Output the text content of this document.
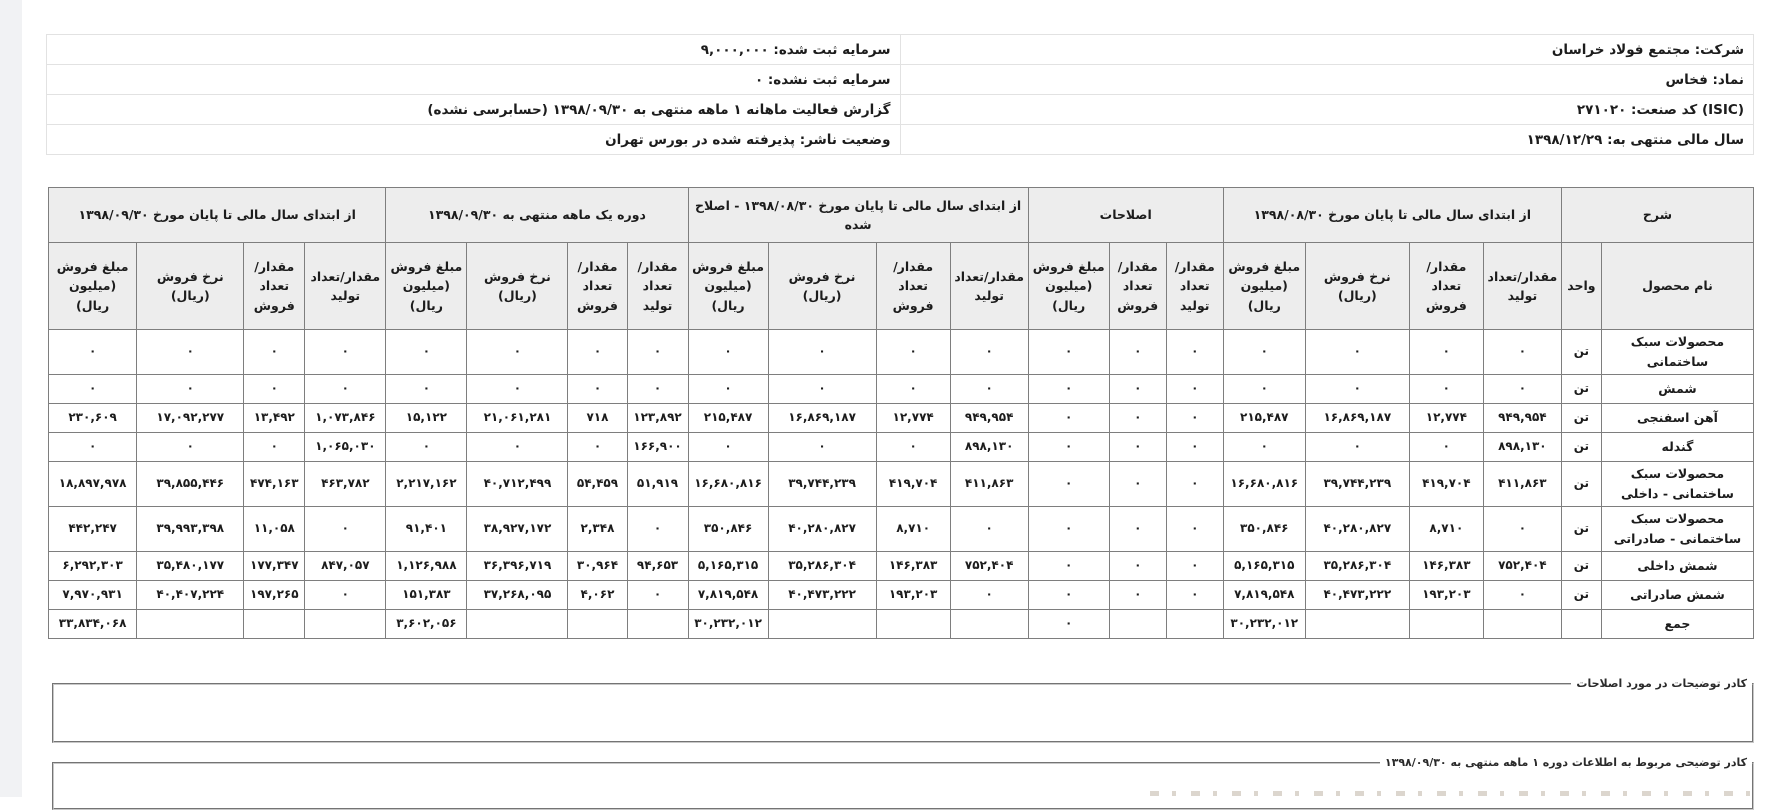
شرکت: مجتمع فولاد خراسان	سرمایه ثبت شده: ۹,۰۰۰,۰۰۰
نماد: فخاس	سرمایه ثبت نشده: ۰
(ISIC) کد صنعت: ۲۷۱۰۲۰	گزارش فعالیت ماهانه ۱ ماهه منتهی به ۱۳۹۸/۰۹/۳۰ (حسابرسی نشده)
سال مالی منتهی به: ۱۳۹۸/۱۲/۲۹	وضعیت ناشر: پذیرفته شده در بورس تهران
شرح		از ابتدای سال مالی تا پایان مورخ ۱۳۹۸/۰۸/۳۰				اصلاحات			از ابتدای سال مالی تا پایان مورخ ۱۳۹۸/۰۸/۳۰ - اصلاح شده				دوره یک ماهه منتهی به ۱۳۹۸/۰۹/۳۰				از ابتدای سال مالی تا پایان مورخ ۱۳۹۸/۰۹/۳۰			
نام محصول	واحد	مقدار/تعداد تولید	مقدار/تعداد فروش	نرخ فروش (ریال)	مبلغ فروش (میلیون ریال)	مقدار/تعداد تولید	مقدار/تعداد فروش	مبلغ فروش (میلیون ریال)	مقدار/تعداد تولید	مقدار/تعداد فروش	نرخ فروش (ریال)	مبلغ فروش (میلیون ریال)	مقدار/تعداد تولید	مقدار/تعداد فروش	نرخ فروش (ریال)	مبلغ فروش (میلیون ریال)	مقدار/تعداد تولید	مقدار/تعداد فروش	نرخ فروش (ریال)	مبلغ فروش (میلیون ریال)
محصولات سبک ساختمانی	تن	۰	۰	۰	۰	۰	۰	۰	۰	۰	۰	۰	۰	۰	۰	۰	۰	۰	۰	۰
شمش	تن	۰	۰	۰	۰	۰	۰	۰	۰	۰	۰	۰	۰	۰	۰	۰	۰	۰	۰	۰
آهن اسفنجی	تن	۹۴۹,۹۵۴	۱۲,۷۷۴	۱۶,۸۶۹,۱۸۷	۲۱۵,۴۸۷	۰	۰	۰	۹۴۹,۹۵۴	۱۲,۷۷۴	۱۶,۸۶۹,۱۸۷	۲۱۵,۴۸۷	۱۲۳,۸۹۲	۷۱۸	۲۱,۰۶۱,۲۸۱	۱۵,۱۲۲	۱,۰۷۳,۸۴۶	۱۳,۴۹۲	۱۷,۰۹۲,۲۷۷	۲۳۰,۶۰۹
گندله	تن	۸۹۸,۱۳۰	۰	۰	۰	۰	۰	۰	۸۹۸,۱۳۰	۰	۰	۰	۱۶۶,۹۰۰	۰	۰	۰	۱,۰۶۵,۰۳۰	۰	۰	۰
محصولات سبک ساختمانی - داخلی	تن	۴۱۱,۸۶۳	۴۱۹,۷۰۴	۳۹,۷۴۴,۲۳۹	۱۶,۶۸۰,۸۱۶	۰	۰	۰	۴۱۱,۸۶۳	۴۱۹,۷۰۴	۳۹,۷۴۴,۲۳۹	۱۶,۶۸۰,۸۱۶	۵۱,۹۱۹	۵۴,۴۵۹	۴۰,۷۱۲,۴۹۹	۲,۲۱۷,۱۶۲	۴۶۳,۷۸۲	۴۷۴,۱۶۳	۳۹,۸۵۵,۴۴۶	۱۸,۸۹۷,۹۷۸
محصولات سبک ساختمانی - صادراتی	تن	۰	۸,۷۱۰	۴۰,۲۸۰,۸۲۷	۳۵۰,۸۴۶	۰	۰	۰	۰	۸,۷۱۰	۴۰,۲۸۰,۸۲۷	۳۵۰,۸۴۶	۰	۲,۳۴۸	۳۸,۹۲۷,۱۷۲	۹۱,۴۰۱	۰	۱۱,۰۵۸	۳۹,۹۹۳,۳۹۸	۴۴۲,۲۴۷
شمش داخلی	تن	۷۵۲,۴۰۴	۱۴۶,۳۸۳	۳۵,۲۸۶,۳۰۴	۵,۱۶۵,۳۱۵	۰	۰	۰	۷۵۲,۴۰۴	۱۴۶,۳۸۳	۳۵,۲۸۶,۳۰۴	۵,۱۶۵,۳۱۵	۹۴,۶۵۳	۳۰,۹۶۴	۳۶,۳۹۶,۷۱۹	۱,۱۲۶,۹۸۸	۸۴۷,۰۵۷	۱۷۷,۳۴۷	۳۵,۴۸۰,۱۷۷	۶,۲۹۲,۳۰۳
شمش صادراتی	تن	۰	۱۹۳,۲۰۳	۴۰,۴۷۳,۲۲۲	۷,۸۱۹,۵۴۸	۰	۰	۰	۰	۱۹۳,۲۰۳	۴۰,۴۷۳,۲۲۲	۷,۸۱۹,۵۴۸	۰	۴,۰۶۲	۳۷,۲۶۸,۰۹۵	۱۵۱,۳۸۳	۰	۱۹۷,۲۶۵	۴۰,۴۰۷,۲۲۴	۷,۹۷۰,۹۳۱
جمع					۳۰,۲۳۲,۰۱۲			۰				۳۰,۲۳۲,۰۱۲				۳,۶۰۲,۰۵۶				۳۳,۸۳۴,۰۶۸
کادر توضیحات در مورد اصلاحات
کادر توضیحی مربوط به اطلاعات دوره ۱ ماهه منتهی به ۱۳۹۸/۰۹/۳۰
